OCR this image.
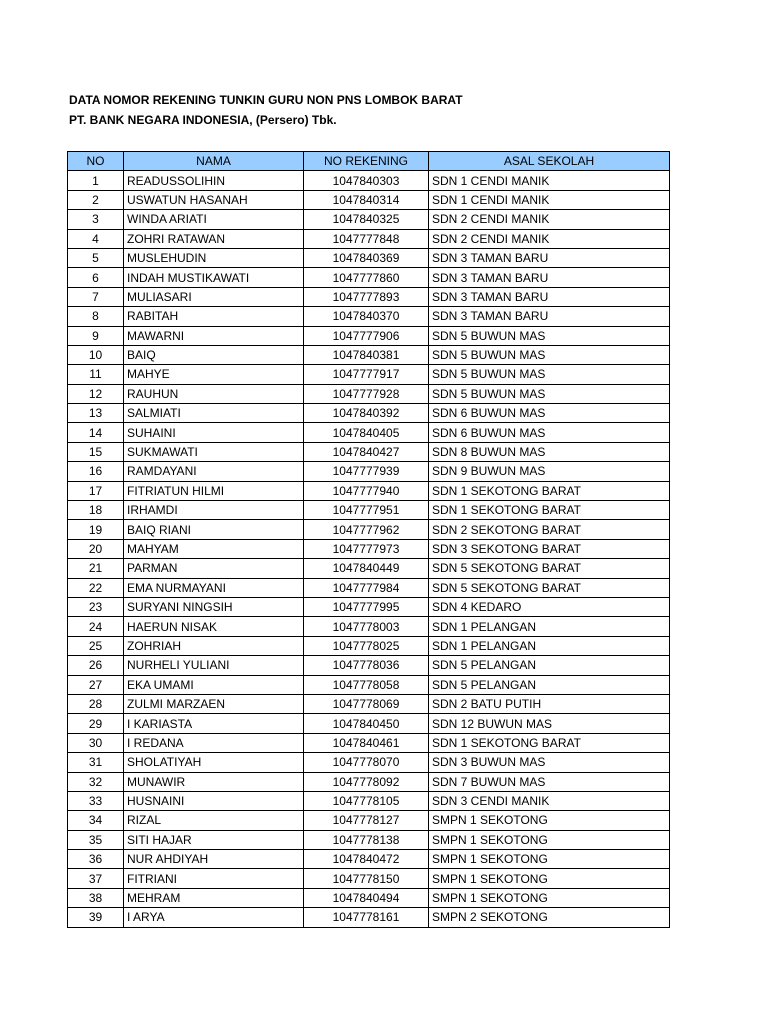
DATA NOMOR REKENING TUNKIN GURU NON PNS LOMBOK BARAT
PT. BANK NEGARA INDONESIA, (Persero) Tbk.
NO	NAMA	NO REKENING	ASAL SEKOLAH
1	READUSSOLIHIN	1047840303	SDN 1 CENDI MANIK
2	USWATUN HASANAH	1047840314	SDN 1 CENDI MANIK
3	WINDA ARIATI	1047840325	SDN 2 CENDI MANIK
4	ZOHRI RATAWAN	1047777848	SDN 2 CENDI MANIK
5	MUSLEHUDIN	1047840369	SDN 3 TAMAN BARU
6	INDAH MUSTIKAWATI	1047777860	SDN 3 TAMAN BARU
7	MULIASARI	1047777893	SDN 3 TAMAN BARU
8	RABITAH	1047840370	SDN 3 TAMAN BARU
9	MAWARNI	1047777906	SDN 5 BUWUN MAS
10	BAIQ	1047840381	SDN 5 BUWUN MAS
11	MAHYE	1047777917	SDN 5 BUWUN MAS
12	RAUHUN	1047777928	SDN 5 BUWUN MAS
13	SALMIATI	1047840392	SDN 6 BUWUN MAS
14	SUHAINI	1047840405	SDN 6 BUWUN MAS
15	SUKMAWATI	1047840427	SDN 8 BUWUN MAS
16	RAMDAYANI	1047777939	SDN 9 BUWUN MAS
17	FITRIATUN HILMI	1047777940	SDN 1 SEKOTONG BARAT
18	IRHAMDI	1047777951	SDN 1 SEKOTONG BARAT
19	BAIQ RIANI	1047777962	SDN 2 SEKOTONG BARAT
20	MAHYAM	1047777973	SDN 3 SEKOTONG BARAT
21	PARMAN	1047840449	SDN 5 SEKOTONG BARAT
22	EMA NURMAYANI	1047777984	SDN 5 SEKOTONG BARAT
23	SURYANI NINGSIH	1047777995	SDN 4 KEDARO
24	HAERUN NISAK	1047778003	SDN 1 PELANGAN
25	ZOHRIAH	1047778025	SDN 1 PELANGAN
26	NURHELI YULIANI	1047778036	SDN 5 PELANGAN
27	EKA UMAMI	1047778058	SDN 5 PELANGAN
28	ZULMI MARZAEN	1047778069	SDN 2 BATU PUTIH
29	I KARIASTA	1047840450	SDN 12 BUWUN MAS
30	I REDANA	1047840461	SDN 1 SEKOTONG BARAT
31	SHOLATIYAH	1047778070	SDN 3 BUWUN MAS
32	MUNAWIR	1047778092	SDN 7 BUWUN MAS
33	HUSNAINI	1047778105	SDN 3 CENDI MANIK
34	RIZAL	1047778127	SMPN 1 SEKOTONG
35	SITI HAJAR	1047778138	SMPN 1 SEKOTONG
36	NUR AHDIYAH	1047840472	SMPN 1 SEKOTONG
37	FITRIANI	1047778150	SMPN 1 SEKOTONG
38	MEHRAM	1047840494	SMPN 1 SEKOTONG
39	I ARYA	1047778161	SMPN 2 SEKOTONG
